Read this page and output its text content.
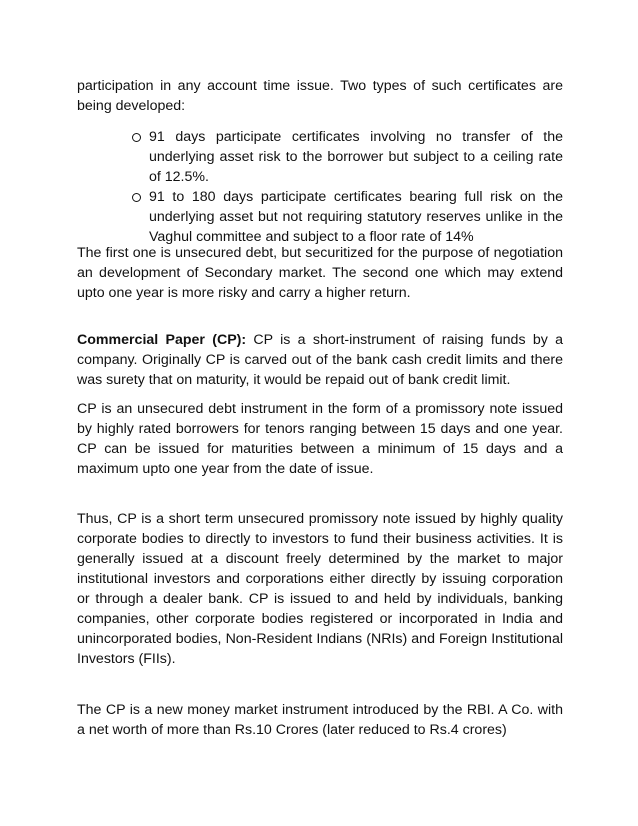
participation in any account time issue. Two types of such certificates are being developed:

91 days participate certificates involving no transfer of the underlying asset risk to the borrower but subject to a ceiling rate of 12.5%.
91 to 180 days participate certificates bearing full risk on the underlying asset but not requiring statutory reserves unlike in the Vaghul committee and subject to a floor rate of 14%

The first one is unsecured debt, but securitized for the purpose of negotiation an development of Secondary market. The second one which may extend upto one year is more risky and carry a higher return.

Commercial Paper (CP): CP is a short-instrument of raising funds by a company. Originally CP is carved out of the bank cash credit limits and there was surety that on maturity, it would be repaid out of bank credit limit.

CP is an unsecured debt instrument in the form of a promissory note issued by highly rated borrowers for tenors ranging between 15 days and one year. CP can be issued for maturities between a minimum of 15 days and a maximum upto one year from the date of issue.

Thus, CP is a short term unsecured promissory note issued by highly quality corporate bodies to directly to investors to fund their business activities. It is generally issued at a discount freely determined by the market to major institutional investors and corporations either directly by issuing corporation or through a dealer bank. CP is issued to and held by individuals, banking companies, other corporate bodies registered or incorporated in India and unincorporated bodies, Non-Resident Indians (NRIs) and Foreign Institutional Investors (FIIs).

The CP is a new money market instrument introduced by the RBI. A Co. with a net worth of more than Rs.10 Crores (later reduced to Rs.4 crores)
